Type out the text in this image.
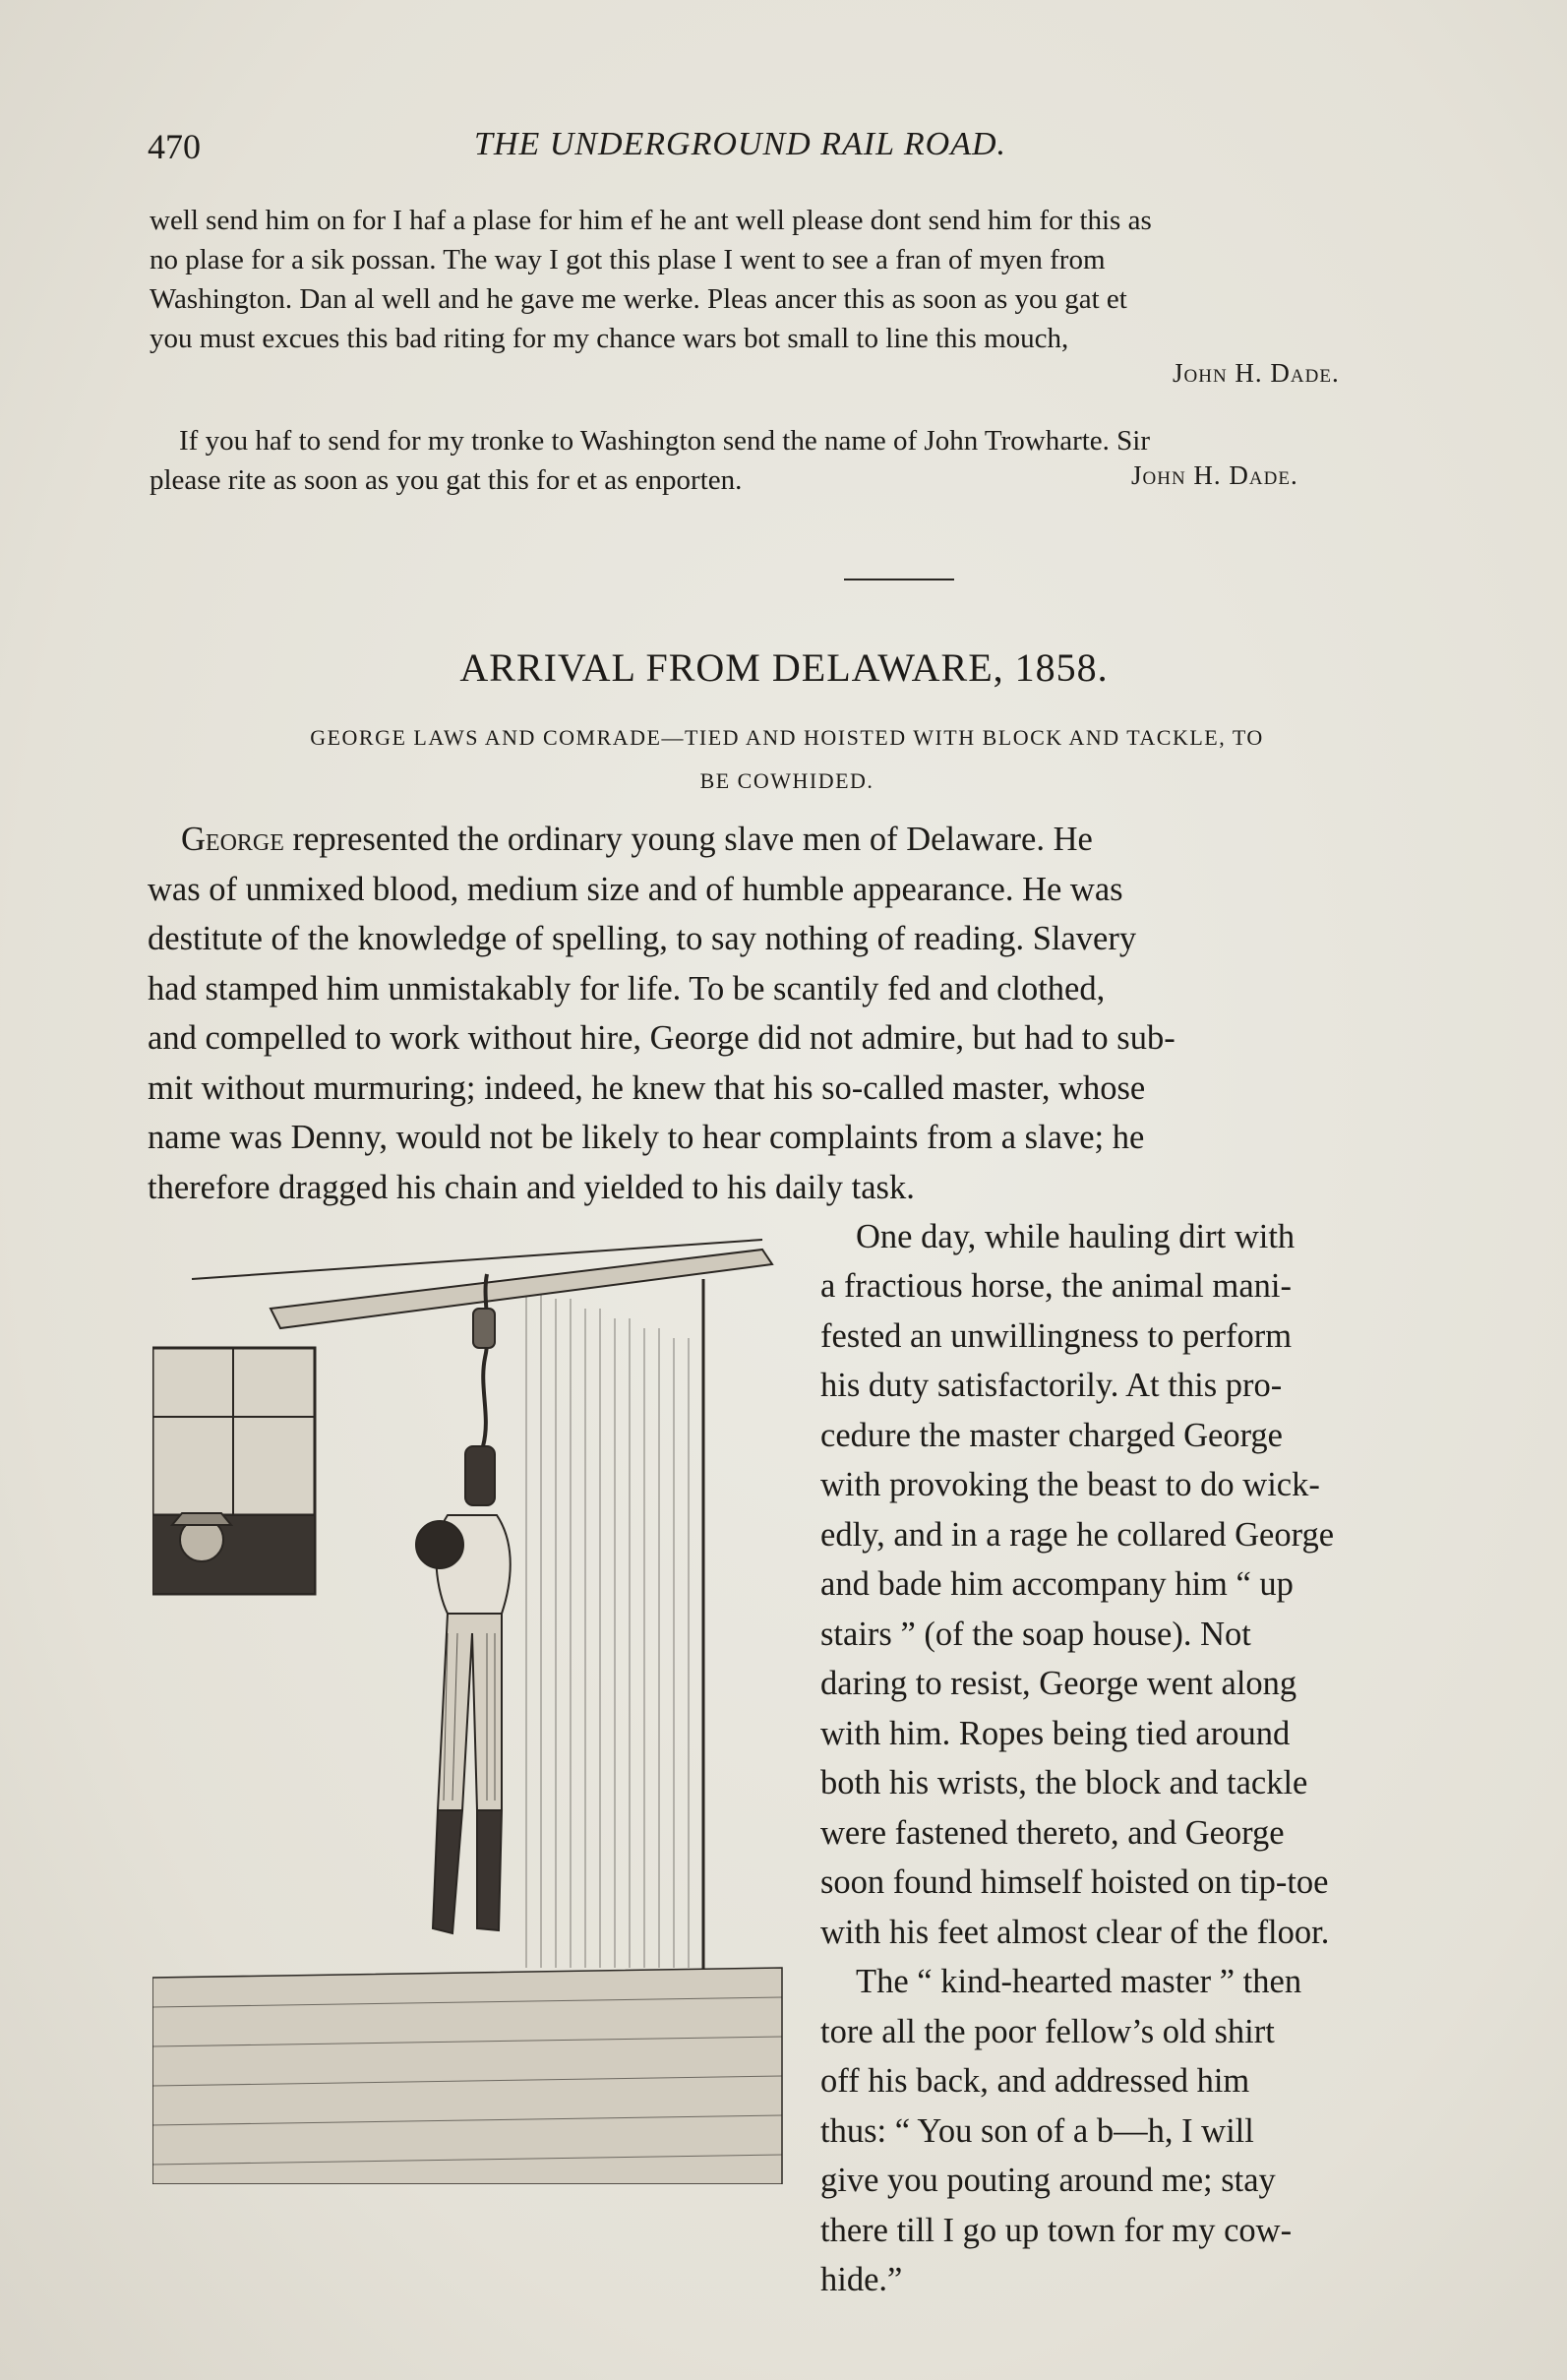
470	THE UNDERGROUND RAIL ROAD.

well send him on for I haf a plase for him ef he ant well please dont send him for this as

no plase for a sik possan. The way I got this plase I went to see a fran of myen from

Washington. Dan al well and he gave me werke. Pleas ancer this as soon as you gat et

you must excues this bad riting for my chance wars bot small to line this mouch,

John H. Dade.

If you haf to send for my tronke to Washington send the name of John Trowharte. Sir

please rite as soon as you gat this for et as enporten.	John H. Dade.
ARRIVAL FROM DELAWARE, 1858.
GEORGE LAWS AND COMRADE—TIED AND HOISTED WITH BLOCK AND TACKLE, TO
BE COWHIDED.
George represented the ordinary young slave men of Delaware. He
was of unmixed blood, medium size and of humble appearance. He was
destitute of the knowledge of spelling, to say nothing of reading. Slavery
had stamped him unmistakably for life. To be scantily fed and clothed,
and compelled to work without hire, George did not admire, but had to sub-
mit without murmuring; indeed, he knew that his so-called master, whose
name was Denny, would not be likely to hear complaints from a slave; he
therefore dragged his chain and yielded to his daily task.
One day, while hauling dirt with
a fractious horse, the animal mani-
fested an unwillingness to perform
his duty satisfactorily. At this pro-
cedure the master charged George
with provoking the beast to do wick-
edly, and in a rage he collared George
and bade him accompany him “ up
stairs ” (of the soap house). Not
daring to resist, George went along
with him. Ropes being tied around
both his wrists, the block and tackle
were fastened thereto, and George
soon found himself hoisted on tip-toe
with his feet almost clear of the floor.
The “ kind-hearted master ” then
tore all the poor fellow’s old shirt
off his back, and addressed him
thus: “ You son of a b—h, I will
give you pouting around me; stay
there till I go up town for my cow-
hide.”
